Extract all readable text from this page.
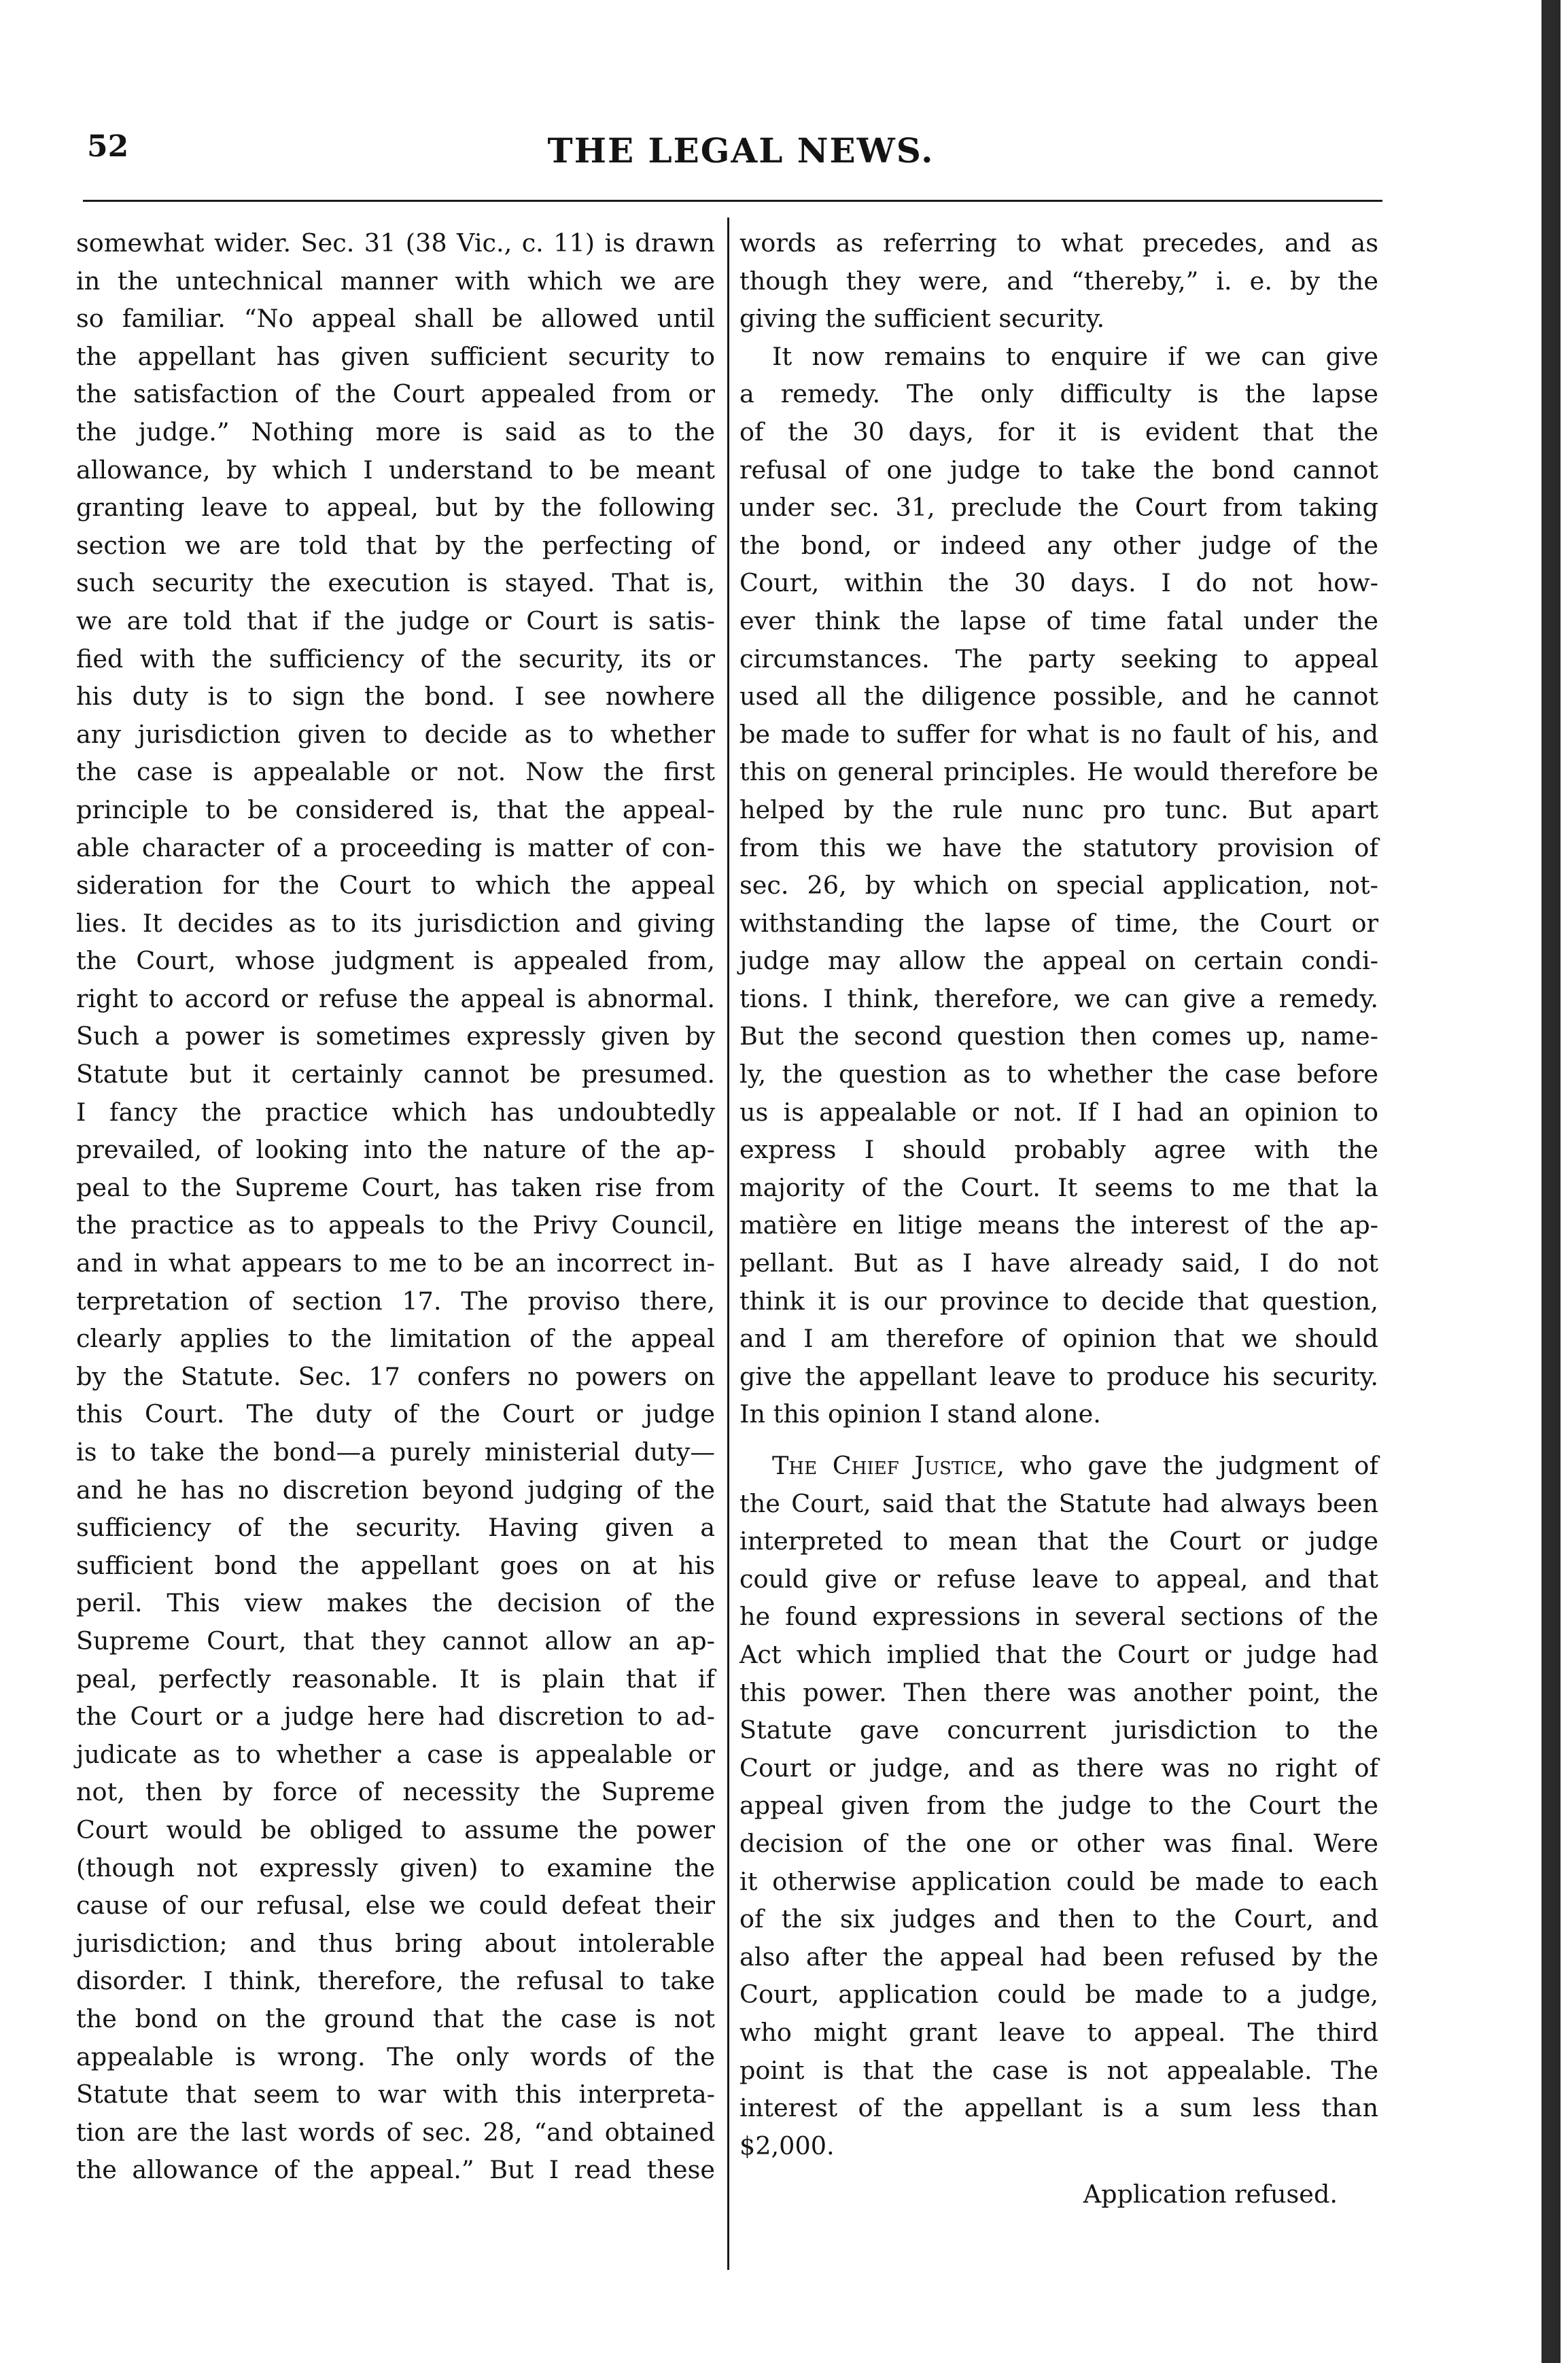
52	THE LEGAL NEWS.
somewhat wider. Sec. 31 (38 Vic., c. 11) is drawn
in the untechnical manner with which we are
so familiar. “No appeal shall be allowed until
the appellant has given sufficient security to
the satisfaction of the Court appealed from or
the judge.” Nothing more is said as to the
allowance, by which I understand to be meant
granting leave to appeal, but by the following
section we are told that by the perfecting of
such security the execution is stayed. That is,
we are told that if the judge or Court is satis-
fied with the sufficiency of the security, its or
his duty is to sign the bond. I see nowhere
any jurisdiction given to decide as to whether
the case is appealable or not. Now the first
principle to be considered is, that the appeal-
able character of a proceeding is matter of con-
sideration for the Court to which the appeal
lies. It decides as to its jurisdiction and giving
the Court, whose judgment is appealed from,
right to accord or refuse the appeal is abnormal.
Such a power is sometimes expressly given by
Statute but it certainly cannot be presumed.
I fancy the practice which has undoubtedly
prevailed, of looking into the nature of the ap-
peal to the Supreme Court, has taken rise from
the practice as to appeals to the Privy Council,
and in what appears to me to be an incorrect in-
terpretation of section 17. The proviso there,
clearly applies to the limitation of the appeal
by the Statute. Sec. 17 confers no powers on
this Court. The duty of the Court or judge
is to take the bond—a purely ministerial duty—
and he has no discretion beyond judging of the
sufficiency of the security. Having given a
sufficient bond the appellant goes on at his
peril. This view makes the decision of the
Supreme Court, that they cannot allow an ap-
peal, perfectly reasonable. It is plain that if
the Court or a judge here had discretion to ad-
judicate as to whether a case is appealable or
not, then by force of necessity the Supreme
Court would be obliged to assume the power
(though not expressly given) to examine the
cause of our refusal, else we could defeat their
jurisdiction; and thus bring about intolerable
disorder. I think, therefore, the refusal to take
the bond on the ground that the case is not
appealable is wrong. The only words of the
Statute that seem to war with this interpreta-
tion are the last words of sec. 28, “and obtained
the allowance of the appeal.” But I read these
words as referring to what precedes, and as
though they were, and “thereby,” i. e. by the
giving the sufficient security.
It now remains to enquire if we can give
a remedy. The only difficulty is the lapse
of the 30 days, for it is evident that the
refusal of one judge to take the bond cannot
under sec. 31, preclude the Court from taking
the bond, or indeed any other judge of the
Court, within the 30 days. I do not how-
ever think the lapse of time fatal under the
circumstances. The party seeking to appeal
used all the diligence possible, and he cannot
be made to suffer for what is no fault of his, and
this on general principles. He would therefore be
helped by the rule nunc pro tunc. But apart
from this we have the statutory provision of
sec. 26, by which on special application, not-
withstanding the lapse of time, the Court or
judge may allow the appeal on certain condi-
tions. I think, therefore, we can give a remedy.
But the second question then comes up, name-
ly, the question as to whether the case before
us is appealable or not. If I had an opinion to
express I should probably agree with the
majority of the Court. It seems to me that la
matière en litige means the interest of the ap-
pellant. But as I have already said, I do not
think it is our province to decide that question,
and I am therefore of opinion that we should
give the appellant leave to produce his security.
In this opinion I stand alone.
The Chief Justice, who gave the judgment of
the Court, said that the Statute had always been
interpreted to mean that the Court or judge
could give or refuse leave to appeal, and that
he found expressions in several sections of the
Act which implied that the Court or judge had
this power. Then there was another point, the
Statute gave concurrent jurisdiction to the
Court or judge, and as there was no right of
appeal given from the judge to the Court the
decision of the one or other was final. Were
it otherwise application could be made to each
of the six judges and then to the Court, and
also after the appeal had been refused by the
Court, application could be made to a judge,
who might grant leave to appeal. The third
point is that the case is not appealable. The
interest of the appellant is a sum less than
$2,000.
Application refused.
